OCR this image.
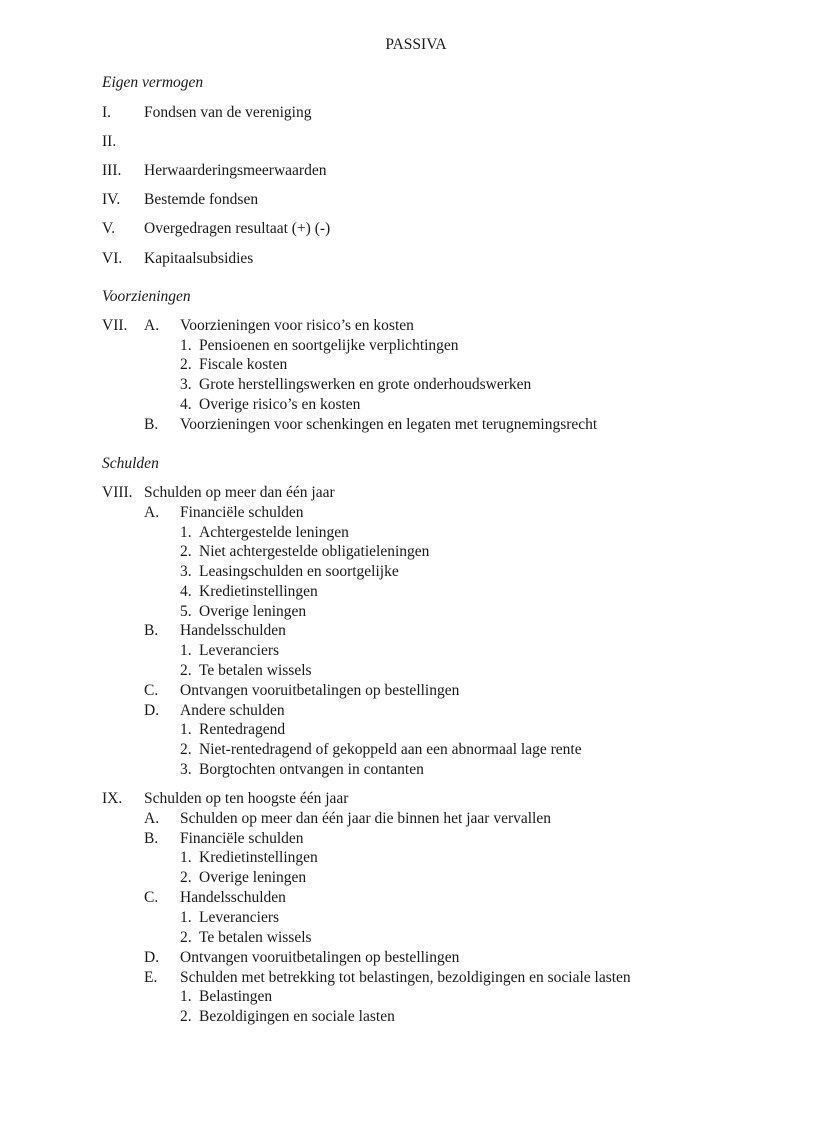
PASSIVA
Eigen vermogen
I.	Fondsen van de vereniging
II.
III.	Herwaarderingsmeerwaarden
IV.	Bestemde fondsen
V.	Overgedragen resultaat (+) (-)
VI.	Kapitaalsubsidies
Voorzieningen
VII. A. Voorzieningen voor risico’s en kosten
1. Pensioenen en soortgelijke verplichtingen
2. Fiscale kosten
3. Grote herstellingswerken en grote onderhoudswerken
4. Overige risico’s en kosten
B. Voorzieningen voor schenkingen en legaten met terugnemingsrecht
Schulden
VIII. Schulden op meer dan één jaar
A. Financiële schulden
1. Achtergestelde leningen
2. Niet achtergestelde obligatieleningen
3. Leasingschulden en soortgelijke
4. Kredietinstellingen
5. Overige leningen
B. Handelsschulden
1. Leveranciers
2. Te betalen wissels
C. Ontvangen vooruitbetalingen op bestellingen
D. Andere schulden
1. Rentedragend
2. Niet-rentedragend of gekoppeld aan een abnormaal lage rente
3. Borgtochten ontvangen in contanten
IX. Schulden op ten hoogste één jaar
A. Schulden op meer dan één jaar die binnen het jaar vervallen
B. Financiële schulden
1. Kredietinstellingen
2. Overige leningen
C. Handelsschulden
1. Leveranciers
2. Te betalen wissels
D. Ontvangen vooruitbetalingen op bestellingen
E. Schulden met betrekking tot belastingen, bezoldigingen en sociale lasten
1. Belastingen
2. Bezoldigingen en sociale lasten
